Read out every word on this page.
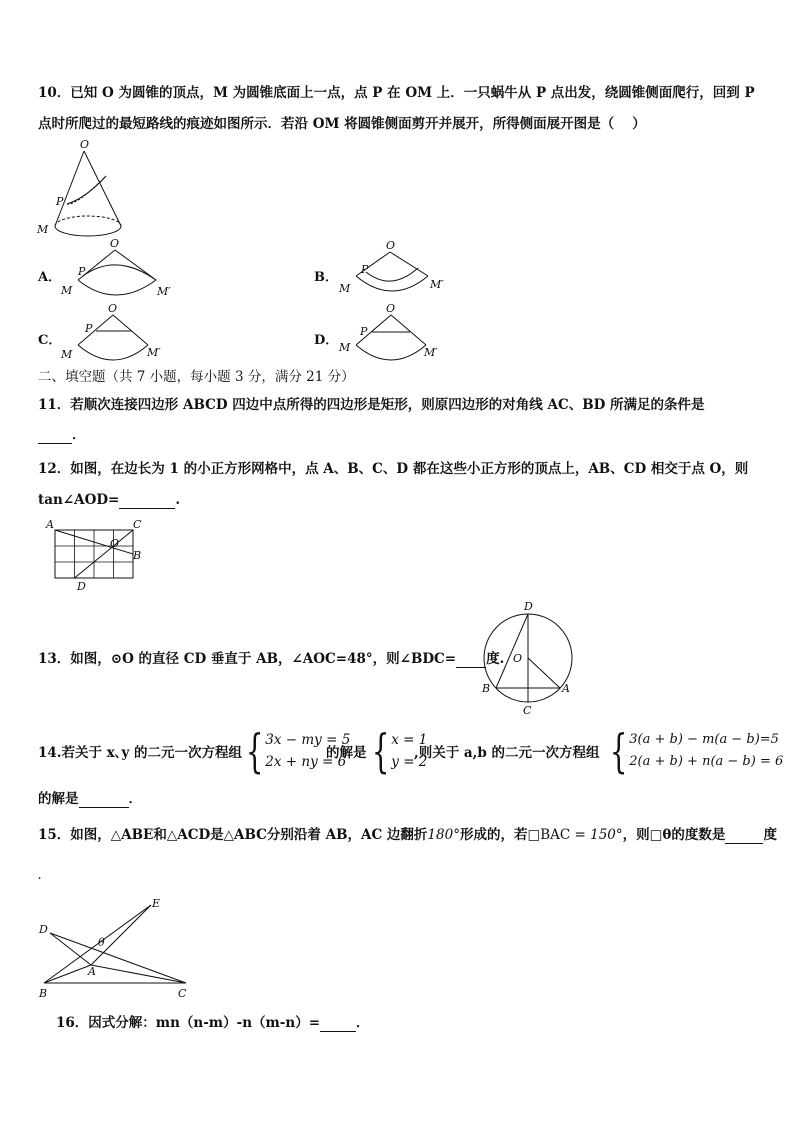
10．已知 O 为圆锥的顶点，M 为圆锥底面上一点，点 P 在 OM 上．一只蜗牛从 P 点出发，绕圆锥侧面爬行，回到 P
点时所爬过的最短路线的痕迹如图所示．若沿 OM 将圆锥侧面剪开并展开，所得侧面展开图是（　 ）
O
P
M
A．
O
P
M	M′
B．
O
P
M	M′
C．
O
P
M	M′
D．
O
P
M	M′
二、填空题（共 7 小题，每小题 3 分，满分 21 分）
11．若顺次连接四边形 ABCD 四边中点所得的四边形是矩形，则原四边形的对角线 AC、BD 所满足的条件是
．
12．如图，在边长为 1 的小正方形网格中，点 A、B、C、D 都在这些小正方形的顶点上，AB、CD 相交于点 O，则
tan∠AOD=	.
A	C
O
B
D
13．如图，⊙O 的直径 CD 垂直于 AB，∠AOC=48°，则∠BDC= 度.
D
O
B	A
C
14.若关于 x､y 的二元一次方程组 { 3x − my = 5
2x + ny = 6
的解是 { x = 1
y = 2
,则关于 a,b 的二元一次方程组 { 3(a + b) − m(a − b)=5
2(a + b) + n(a − b) = 6
的解是	．
15．如图，△ABE和△ACD是△ABC分别沿着 AB，AC 边翻折180°形成的，若□BAC = 150°，则□θ的度数是	度
.
E
D
θ
A
B	C
16．因式分解：mn（n-m）-n（m-n）=	．
